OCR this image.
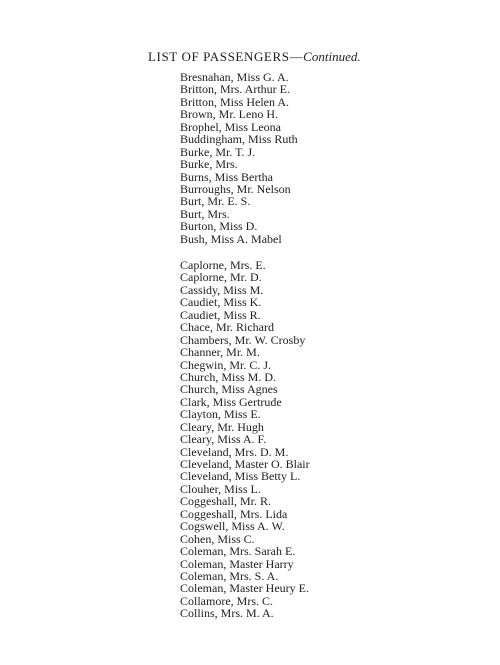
LIST OF PASSENGERS—Continued.
Bresnahan, Miss G. A.
Britton, Mrs. Arthur E.
Britton, Miss Helen A.
Brown, Mr. Leno H.
Brophel, Miss Leona
Buddingham, Miss Ruth
Burke, Mr. T. J.
Burke, Mrs.
Burns, Miss Bertha
Burroughs, Mr. Nelson
Burt, Mr. E. S.
Burt, Mrs.
Burton, Miss D.
Bush, Miss A. Mabel
Caplorne, Mrs. E.
Caplorne, Mr. D.
Cassidy, Miss M.
Caudiet, Miss K.
Caudiet, Miss R.
Chace, Mr. Richard
Chambers, Mr. W. Crosby
Channer, Mr. M.
Chegwin, Mr. C. J.
Church, Miss M. D.
Church, Miss Agnes
Clark, Miss Gertrude
Clayton, Miss E.
Cleary, Mr. Hugh
Cleary, Miss A. F.
Cleveland, Mrs. D. M.
Cleveland, Master O. Blair
Cleveland, Miss Betty L.
Clouher, Miss L.
Coggeshall, Mr. R.
Coggeshall, Mrs. Lida
Cogswell, Miss A. W.
Cohen, Miss C.
Coleman, Mrs. Sarah E.
Coleman, Master Harry
Coleman, Mrs. S. A.
Coleman, Master Heury E.
Collamore, Mrs. C.
Collins, Mrs. M. A.
